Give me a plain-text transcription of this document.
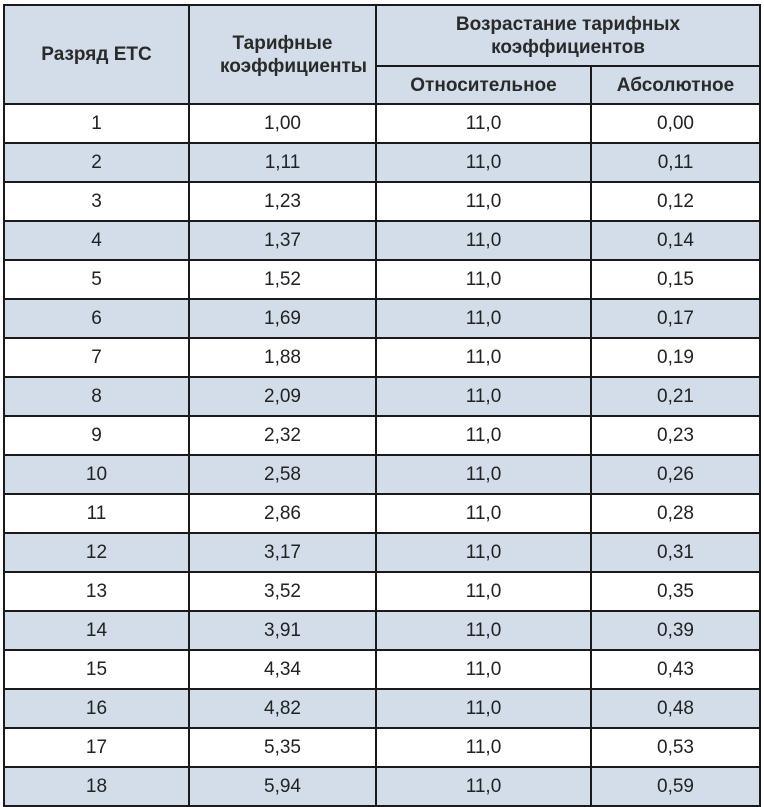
Разряд ЕТС	Тарифные коэффициенты	Возрастание тарифных коэффициентов	
		Относительное	Абсолютное
1	1,00	11,0	0,00
2	1,11	11,0	0,11
3	1,23	11,0	0,12
4	1,37	11,0	0,14
5	1,52	11,0	0,15
6	1,69	11,0	0,17
7	1,88	11,0	0,19
8	2,09	11,0	0,21
9	2,32	11,0	0,23
10	2,58	11,0	0,26
11	2,86	11,0	0,28
12	3,17	11,0	0,31
13	3,52	11,0	0,35
14	3,91	11,0	0,39
15	4,34	11,0	0,43
16	4,82	11,0	0,48
17	5,35	11,0	0,53
18	5,94	11,0	0,59
